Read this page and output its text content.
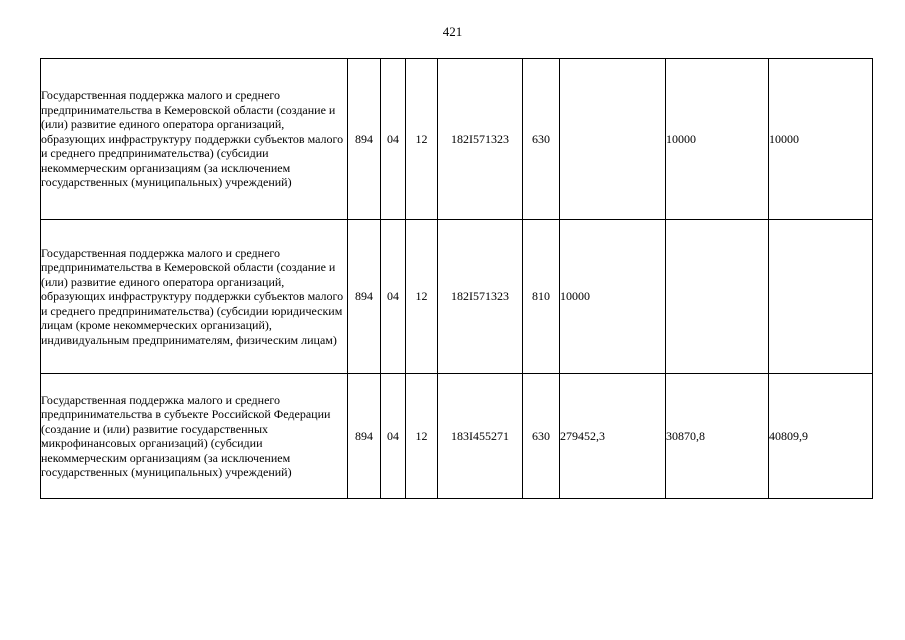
421
Государственная поддержка малого и среднего предпринимательства в Кемеровской области (создание и (или) развитие единого оператора организаций, образующих инфраструктуру поддержки субъектов малого и среднего предпринимательства) (субсидии некоммерческим организациям (за исключением государственных (муниципальных) учреждений)	894	04	12	182I571323	630		10000	10000
Государственная поддержка малого и среднего предпринимательства в Кемеровской области (создание и (или) развитие единого оператора организаций, образующих инфраструктуру поддержки субъектов малого и среднего предпринимательства) (субсидии юридическим лицам (кроме некоммерческих организаций), индивидуальным предпринимателям, физическим лицам)	894	04	12	182I571323	810	10000		
Государственная поддержка малого и среднего предпринимательства в субъекте Российской Федерации (создание и (или) развитие государственных микрофинансовых организаций) (субсидии некоммерческим организациям (за исключением государственных (муниципальных) учреждений)	894	04	12	183I455271	630	279452,3	30870,8	40809,9
